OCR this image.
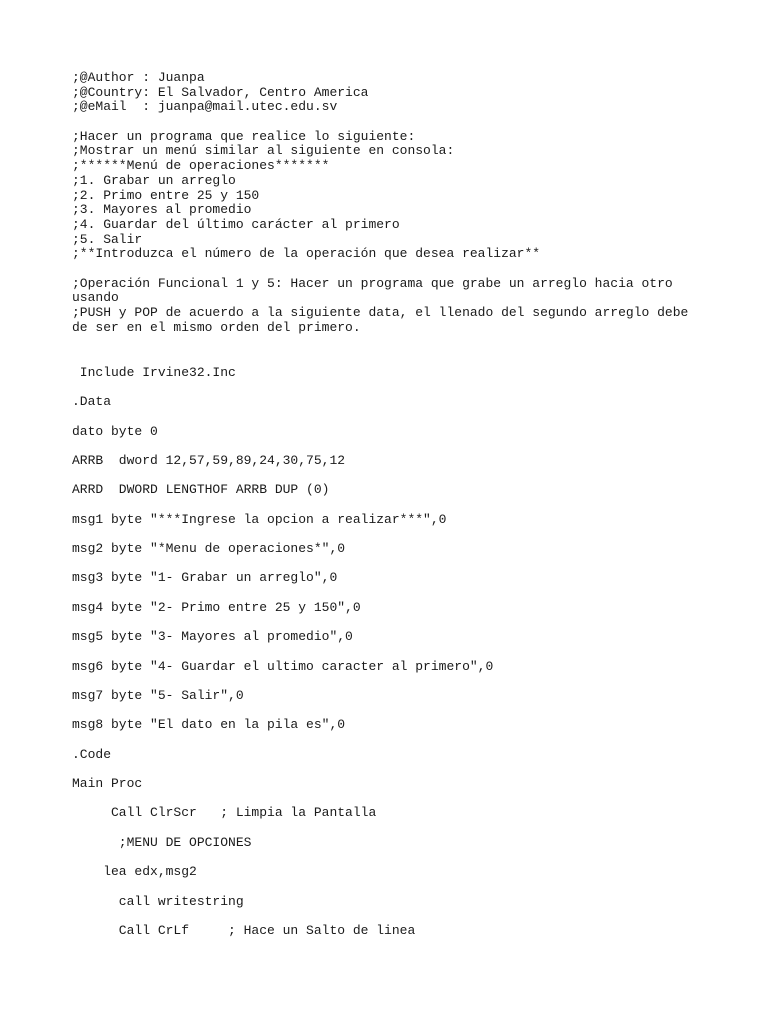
;@Author : Juanpa
;@Country: El Salvador, Centro America
;@eMail  : juanpa@mail.utec.edu.sv
;Hacer un programa que realice lo siguiente:
;Mostrar un menú similar al siguiente en consola:
;******Menú de operaciones*******
;1. Grabar un arreglo
;2. Primo entre 25 y 150
;3. Mayores al promedio
;4. Guardar del último carácter al primero
;5. Salir
;**Introduzca el número de la operación que desea realizar**
;Operación Funcional 1 y 5: Hacer un programa que grabe un arreglo hacia otro usando
;PUSH y POP de acuerdo a la siguiente data, el llenado del segundo arreglo debe de ser en el mismo orden del primero.
Include Irvine32.Inc
.Data
dato byte 0
ARRB  dword 12,57,59,89,24,30,75,12
ARRD  DWORD LENGTHOF ARRB DUP (0)
msg1 byte "***Ingrese la opcion a realizar***",0
msg2 byte "*Menu de operaciones*",0
msg3 byte "1- Grabar un arreglo",0
msg4 byte "2- Primo entre 25 y 150",0
msg5 byte "3- Mayores al promedio",0
msg6 byte "4- Guardar el ultimo caracter al primero",0
msg7 byte "5- Salir",0
msg8 byte "El dato en la pila es",0
.Code
Main Proc
Call ClrScr   ; Limpia la Pantalla
;MENU DE OPCIONES
lea edx,msg2
call writestring
Call CrLf     ; Hace un Salto de linea
